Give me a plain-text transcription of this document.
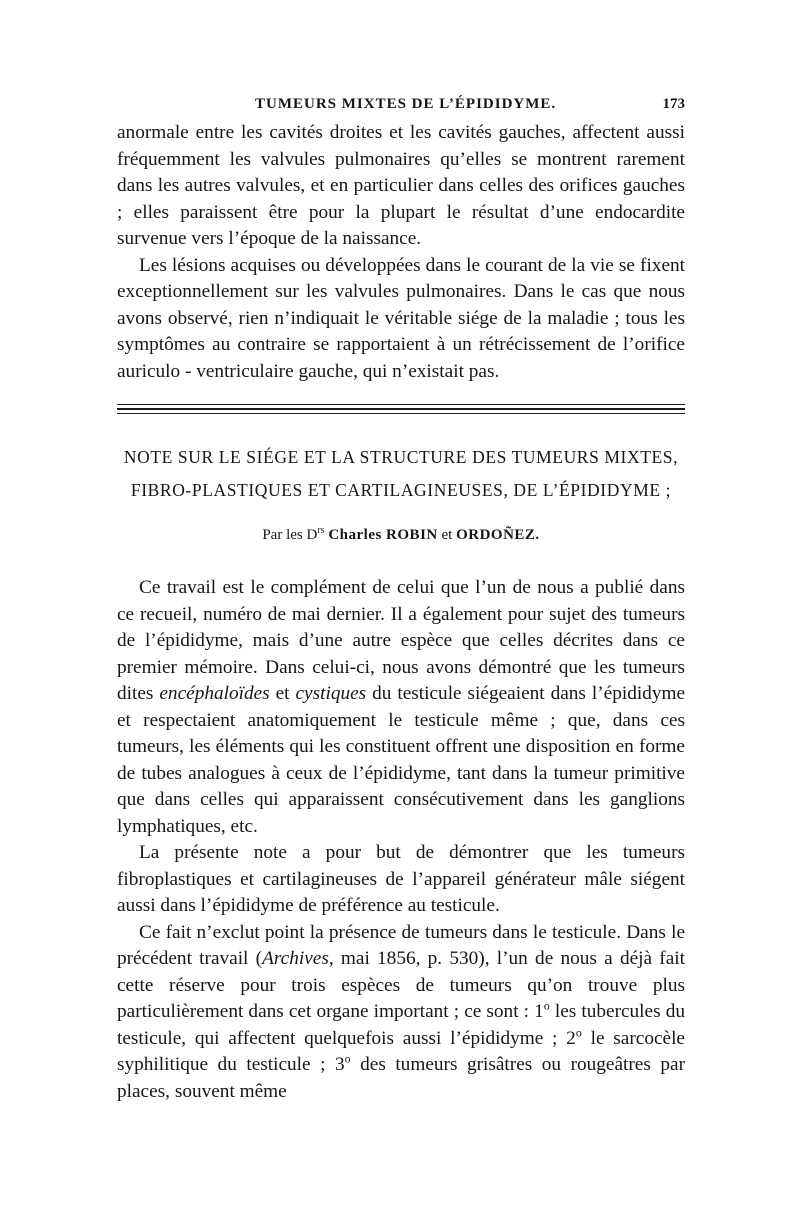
TUMEURS MIXTES DE L’ÉPIDIDYME.	173

anormale entre les cavités droites et les cavités gauches, affectent aussi fréquemment les valvules pulmonaires qu’elles se montrent rarement dans les autres valvules, et en particulier dans celles des orifices gauches ; elles paraissent être pour la plupart le résultat d’une endocardite survenue vers l’époque de la naissance.

Les lésions acquises ou développées dans le courant de la vie se fixent exceptionnellement sur les valvules pulmonaires. Dans le cas que nous avons observé, rien n’indiquait le véritable siége de la maladie ; tous les symptômes au contraire se rapportaient à un rétrécissement de l’orifice auriculo - ventriculaire gauche, qui n’existait pas.

NOTE SUR LE SIÉGE ET LA STRUCTURE DES TUMEURS MIXTES,
FIBRO-PLASTIQUES ET CARTILAGINEUSES, DE L’ÉPIDIDYME ;
Par les $D^{rs}$ Charles ROBIN et ORDOÑEZ.

Ce travail est le complément de celui que l’un de nous a publié dans ce recueil, numéro de mai dernier. Il a également pour sujet des tumeurs de l’épididyme, mais d’une autre espèce que celles décrites dans ce premier mémoire. Dans celui-ci, nous avons démontré que les tumeurs dites encéphaloïdes et cystiques du testicule siégeaient dans l’épididyme et respectaient anatomiquement le testicule même ; que, dans ces tumeurs, les éléments qui les constituent offrent une disposition en forme de tubes analogues à ceux de l’épididyme, tant dans la tumeur primitive que dans celles qui apparaissent consécutivement dans les ganglions lymphatiques, etc.

La présente note a pour but de démontrer que les tumeurs fibroplastiques et cartilagineuses de l’appareil générateur mâle siégent aussi dans l’épididyme de préférence au testicule.

Ce fait n’exclut point la présence de tumeurs dans le testicule. Dans le précédent travail (Archives, mai 1856, p. 530), l’un de nous a déjà fait cette réserve pour trois espèces de tumeurs qu’on trouve plus particulièrement dans cet organe important ; ce sont : 1$^o$ les tubercules du testicule, qui affectent quelquefois aussi l’épididyme ; 2$^o$ le sarcocèle syphilitique du testicule ; 3$^o$ des tumeurs grisâtres ou rougeâtres par places, souvent même
